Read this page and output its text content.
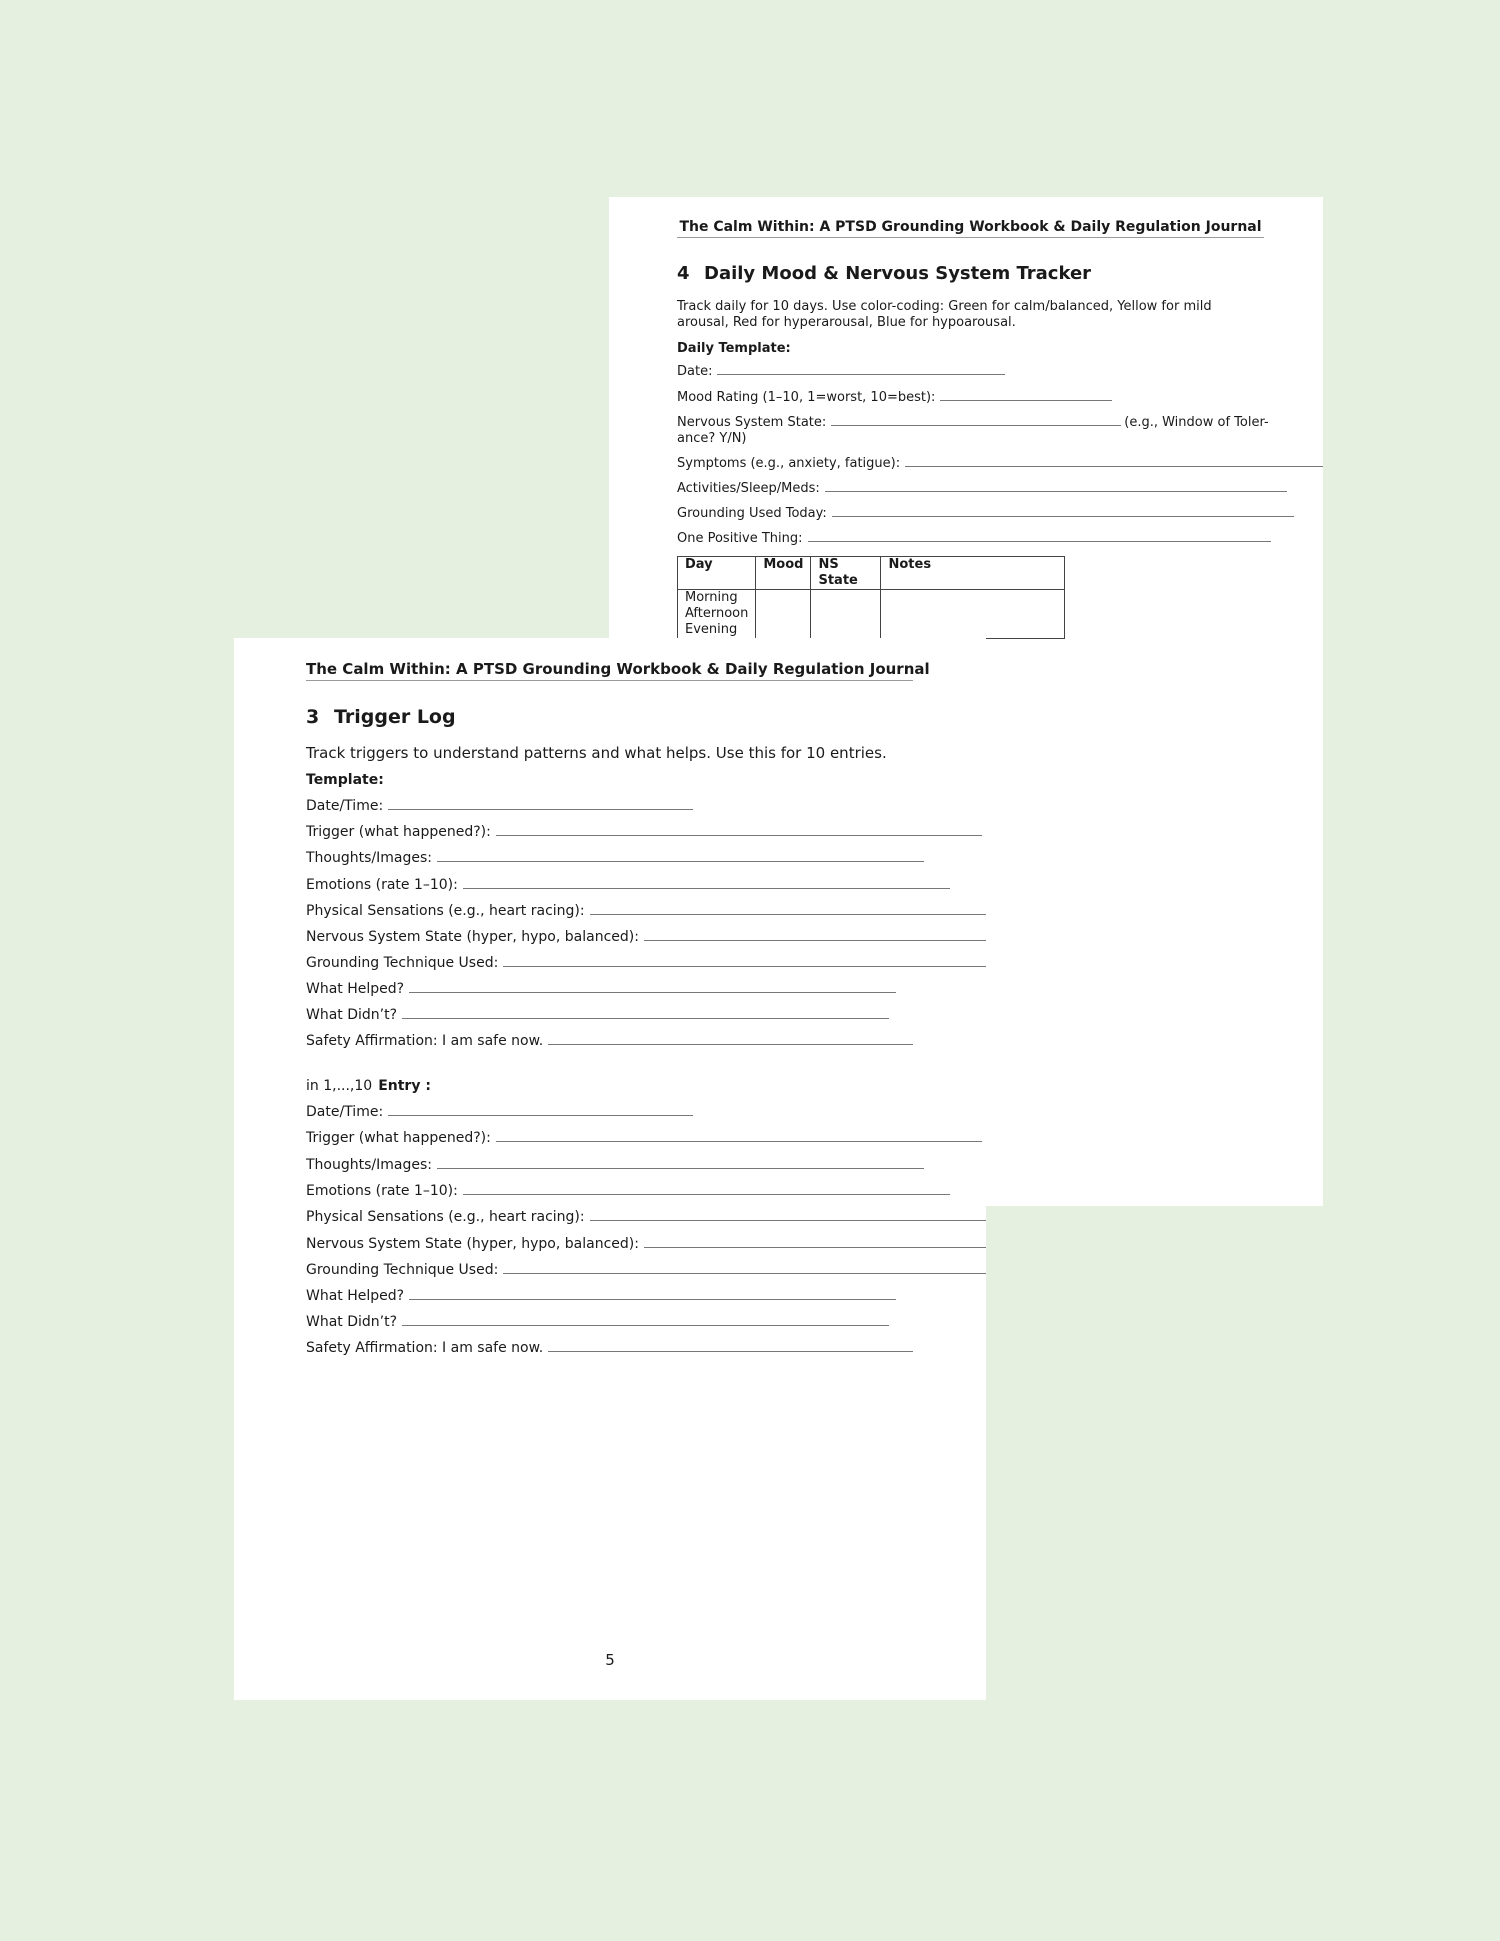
The Calm Within: A PTSD Grounding Workbook & Daily Regulation Journal
4 Daily Mood & Nervous System Tracker
Track daily for 10 days. Use color-coding: Green for calm/balanced, Yellow for mild arousal, Red for hyperarousal, Blue for hypoarousal.
Daily Template:
Date:
Mood Rating (1–10, 1=worst, 10=best):
Nervous System State:	(e.g., Window of Toler-
ance? Y/N)
Symptoms (e.g., anxiety, fatigue):
Activities/Sleep/Meds:
Grounding Used Today:
One Positive Thing:
Day	Mood	NS State	Notes

Morning
Afternoon
Evening			

The Calm Within: A PTSD Grounding Workbook & Daily Regulation Journal
3 Trigger Log
Track triggers to understand patterns and what helps. Use this for 10 entries.
Template:
Date/Time:
Trigger (what happened?):
Thoughts/Images:
Emotions (rate 1–10):
Physical Sensations (e.g., heart racing):
Nervous System State (hyper, hypo, balanced):
Grounding Technique Used:
What Helped?
What Didn’t?
Safety Affirmation: I am safe now.
in 1,...,10 Entry :
Date/Time:
Trigger (what happened?):
Thoughts/Images:
Emotions (rate 1–10):
Physical Sensations (e.g., heart racing):
Nervous System State (hyper, hypo, balanced):
Grounding Technique Used:
What Helped?
What Didn’t?
Safety Affirmation: I am safe now.
5
